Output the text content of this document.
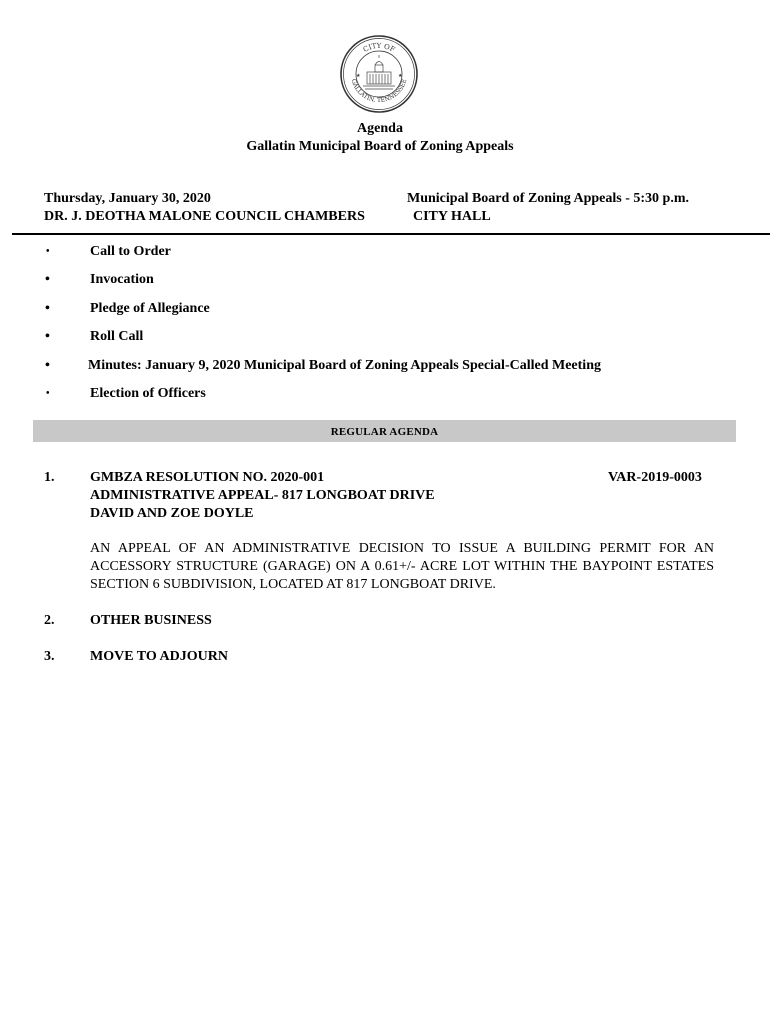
CITY OF
GALLATIN, TENNESSEE
★	★
Agenda
Gallatin Municipal Board of Zoning Appeals
Thursday, January 30, 2020
DR. J. DEOTHA MALONE COUNCIL CHAMBERS
Municipal Board of Zoning Appeals - 5:30 p.m.
CITY HALL
•	Call to Order
•	Invocation
•	Pledge of Allegiance
•	Roll Call
•	Minutes: January 9, 2020 Municipal Board of Zoning Appeals Special-Called Meeting
•	Election of Officers
REGULAR AGENDA
1.	GMBZA RESOLUTION NO. 2020-001
ADMINISTRATIVE APPEAL- 817 LONGBOAT DRIVE
DAVID AND ZOE DOYLE
VAR-2019-0003
AN APPEAL OF AN ADMINISTRATIVE DECISION TO ISSUE A BUILDING PERMIT FOR AN ACCESSORY STRUCTURE (GARAGE) ON A 0.61+/- ACRE LOT WITHIN THE BAYPOINT ESTATES SECTION 6 SUBDIVISION, LOCATED AT 817 LONGBOAT DRIVE.
2.	OTHER BUSINESS
3.	MOVE TO ADJOURN
